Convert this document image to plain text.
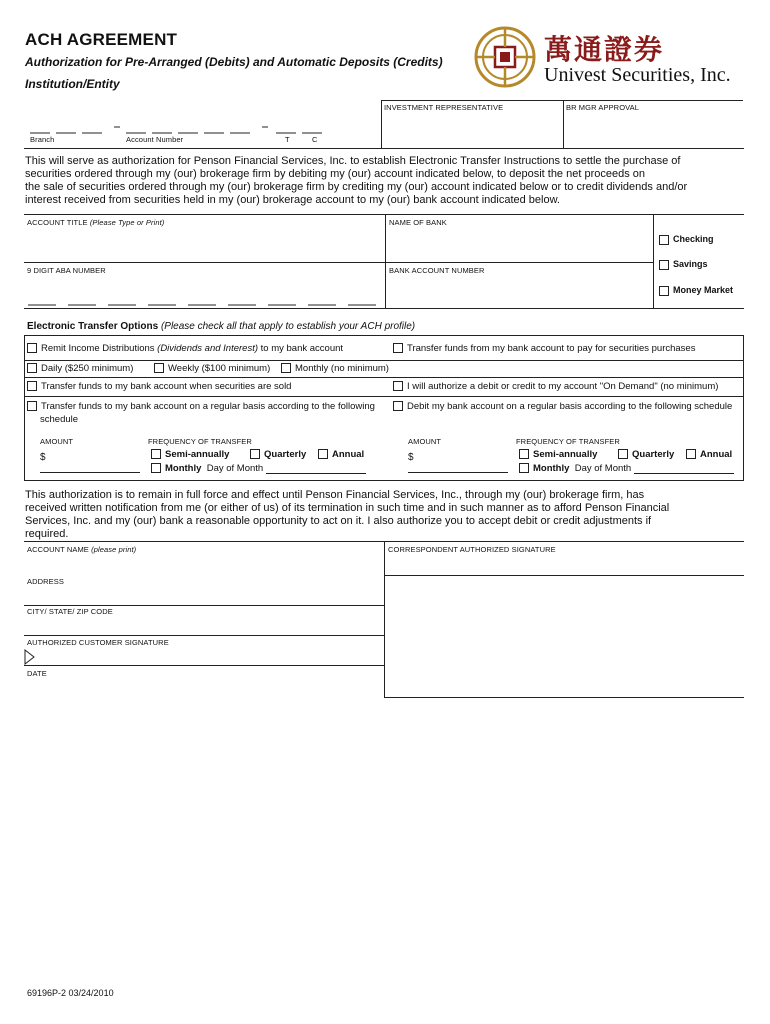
ACH AGREEMENT
Authorization for Pre-Arranged (Debits) and Automatic Deposits (Credits)
Institution/Entity
萬通證券
Univest Securities, Inc.
INVESTMENT REPRESENTATIVE	BR MGR APPROVAL
Branch	Account Number	T	C
This will serve as authorization for Penson Financial Services, Inc. to establish Electronic Transfer Instructions to settle the purchase of
securities ordered through my (our) brokerage firm by debiting my (our) account indicated below, to deposit the net proceeds on
the sale of securities ordered through my (our) brokerage firm by crediting my (our) account indicated below or to credit dividends and/or
interest received from securities held in my (our) brokerage account to my (our) bank account indicated below.
ACCOUNT TITLE (Please Type or Print)	NAME OF BANK
9 DIGIT ABA NUMBER	BANK ACCOUNT NUMBER
Checking
Savings
Money Market
Electronic Transfer Options (Please check all that apply to establish your ACH profile)
Remit Income Distributions (Dividends and Interest) to my bank account	Transfer funds from my bank account to pay for securities purchases
Daily ($250 minimum)	Weekly ($100 minimum)	Monthly (no minimum)
Transfer funds to my bank account when securities are sold	I will authorize a debit or credit to my account "On Demand" (no minimum)
Transfer funds to my bank account on a regular basis according to the following
schedule
Debit my bank account on a regular basis according to the following schedule
AMOUNT	FREQUENCY OF TRANSFER
$	Semi-annually	Quarterly	Annual
Monthly Day of Month
AMOUNT	FREQUENCY OF TRANSFER
$	Semi-annually	Quarterly	Annual
Monthly Day of Month
This authorization is to remain in full force and effect until Penson Financial Services, Inc., through my (our) brokerage firm, has
received written notification from me (or either of us) of its termination in such time and in such manner as to afford Penson Financial
Services, Inc. and my (our) bank a reasonable opportunity to act on it. I also authorize you to accept debit or credit adjustments if
required.
ACCOUNT NAME (please print)	CORRESPONDENT AUTHORIZED SIGNATURE
ADDRESS
CITY/ STATE/ ZIP CODE
AUTHORIZED CUSTOMER SIGNATURE
DATE
69196P-2 03/24/2010
